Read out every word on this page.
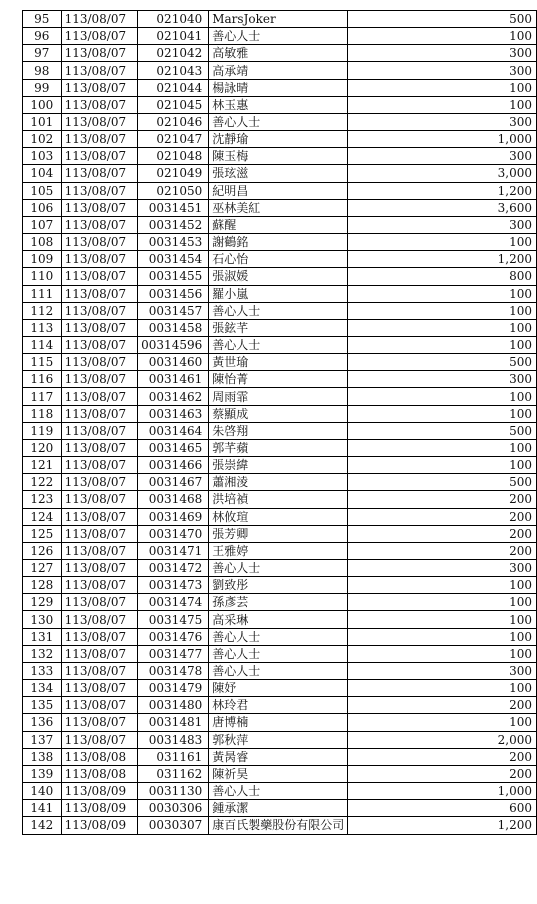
95	113/08/07	021040	MarsJoker	500
96	113/08/07	021041	善心人士	100
97	113/08/07	021042	高敏雅	300
98	113/08/07	021043	高承靖	300
99	113/08/07	021044	楊詠晴	100
100	113/08/07	021045	林玉惠	100
101	113/08/07	021046	善心人士	300
102	113/08/07	021047	沈靜瑜	1,000
103	113/08/07	021048	陳玉梅	300
104	113/08/07	021049	張玹滋	3,000
105	113/08/07	021050	紀明昌	1,200
106	113/08/07	0031451	巫林美紅	3,600
107	113/08/07	0031452	蘇醒	300
108	113/08/07	0031453	謝鶴銘	100
109	113/08/07	0031454	石心怡	1,200
110	113/08/07	0031455	張淑媛	800
111	113/08/07	0031456	羅小嵐	100
112	113/08/07	0031457	善心人士	100
113	113/08/07	0031458	張鉉芊	100
114	113/08/07	00314596	善心人士	100
115	113/08/07	0031460	黃世瑜	500
116	113/08/07	0031461	陳怡菁	300
117	113/08/07	0031462	周雨霏	100
118	113/08/07	0031463	蔡顯成	100
119	113/08/07	0031464	朱啓翔	500
120	113/08/07	0031465	郭芊蘋	100
121	113/08/07	0031466	張崇緯	100
122	113/08/07	0031467	蕭湘淩	500
123	113/08/07	0031468	洪培禎	200
124	113/08/07	0031469	林攸瑄	200
125	113/08/07	0031470	張芳卿	200
126	113/08/07	0031471	王雅婷	200
127	113/08/07	0031472	善心人士	300
128	113/08/07	0031473	劉致彤	100
129	113/08/07	0031474	孫彥芸	100
130	113/08/07	0031475	高采琳	100
131	113/08/07	0031476	善心人士	100
132	113/08/07	0031477	善心人士	100
133	113/08/07	0031478	善心人士	300
134	113/08/07	0031479	陳妤	100
135	113/08/07	0031480	林玲君	200
136	113/08/07	0031481	唐博楠	100
137	113/08/07	0031483	郭秋萍	2,000
138	113/08/08	031161	黃昺睿	200
139	113/08/08	031162	陳祈昊	200
140	113/08/09	0031130	善心人士	1,000
141	113/08/09	0030306	鍾承潔	600
142	113/08/09	0030307	康百氏製藥股份有限公司	1,200
